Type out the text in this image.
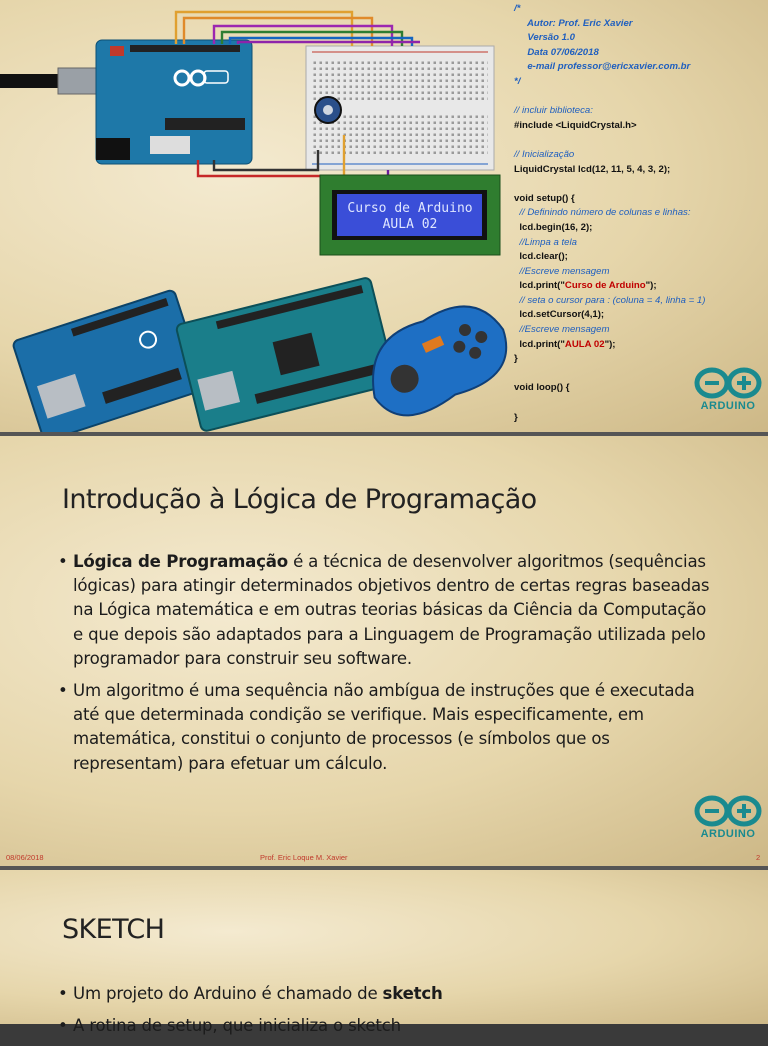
Curso de Arduino
AULA 02
/*
Autor: Prof. Eric Xavier
Versão 1.0
Data 07/06/2018
e-mail professor@ericxavier.com.br
*/

// incluir biblioteca:
#include <LiquidCrystal.h>

// Inicialização
LiquidCrystal lcd(12, 11, 5, 4, 3, 2);

void setup() {
// Definindo número de colunas e linhas:
lcd.begin(16, 2);
//Limpa a tela
lcd.clear();
//Escreve mensagem
lcd.print("Curso de Arduino");
// seta o cursor para : (coluna = 4, linha = 1)
lcd.setCursor(4,1);
//Escreve mensagem
lcd.print("AULA 02");
}

void loop() {

}
ARDUINO
Introdução à Lógica de Programação
• Lógica de Programação é a técnica de desenvolver algoritmos (sequências lógicas) para atingir determinados objetivos dentro de certas regras baseadas na Lógica matemática e em outras teorias básicas da Ciência da Computação e que depois são adaptados para a Linguagem de Programação utilizada pelo programador para construir seu software.
• Um algoritmo é uma sequência não ambígua de instruções que é executada até que determinada condição se verifique. Mais especificamente, em matemática, constitui o conjunto de processos (e símbolos que os representam) para efetuar um cálculo.
ARDUINO
08/06/2018	Prof. Eric Loque M. Xavier	2
SKETCH
• Um projeto do Arduino é chamado de sketch
• A rotina de setup, que inicializa o sketch
